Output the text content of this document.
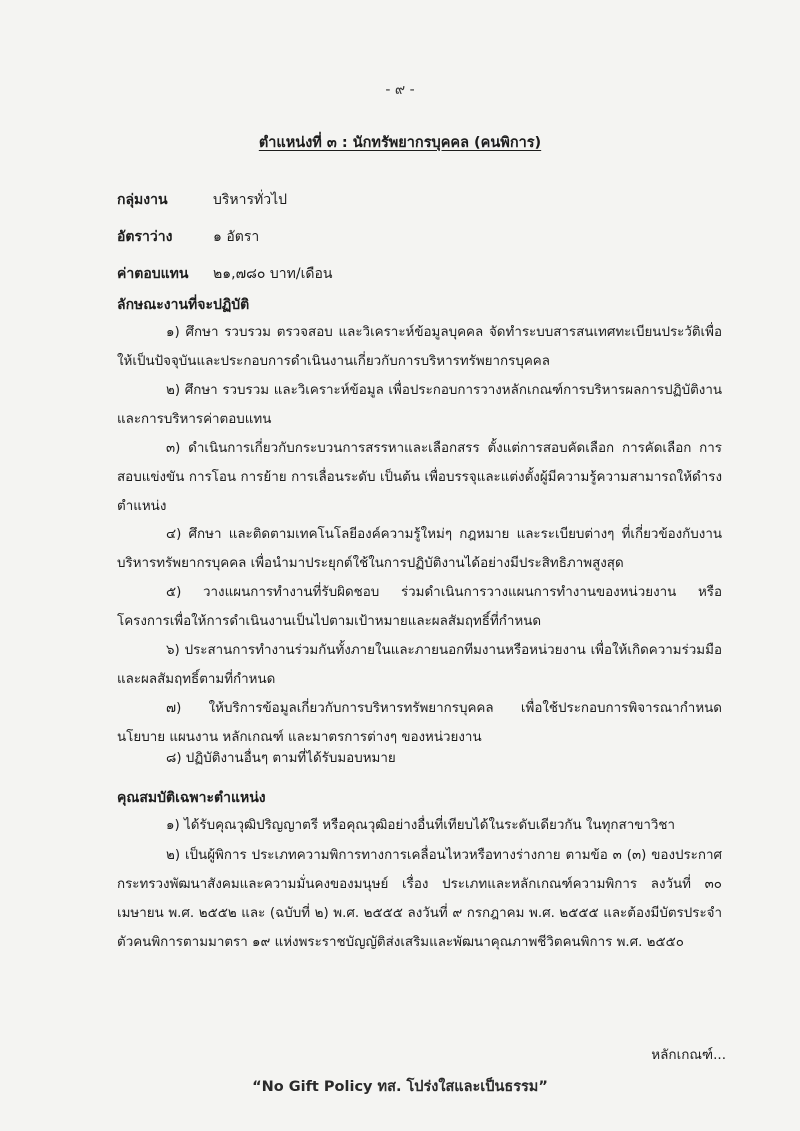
- ๙ -
ตำแหน่งที่ ๓ : นักทรัพยากรบุคคล (คนพิการ)
กลุ่มงาน	บริหารทั่วไป
อัตราว่าง	๑ อัตรา
ค่าตอบแทน	๒๑,๗๘๐ บาท/เดือน
ลักษณะงานที่จะปฏิบัติ
๑) ศึกษา รวบรวม ตรวจสอบ และวิเคราะห์ข้อมูลบุคคล จัดทำระบบสารสนเทศทะเบียนประวัติเพื่อให้เป็นปัจจุบันและประกอบการดำเนินงานเกี่ยวกับการบริหารทรัพยากรบุคคล
๒) ศึกษา รวบรวม และวิเคราะห์ข้อมูล เพื่อประกอบการวางหลักเกณฑ์การบริหารผลการปฏิบัติงานและการบริหารค่าตอบแทน
๓) ดำเนินการเกี่ยวกับกระบวนการสรรหาและเลือกสรร ตั้งแต่การสอบคัดเลือก การคัดเลือก การสอบแข่งขัน การโอน การย้าย การเลื่อนระดับ เป็นต้น เพื่อบรรจุและแต่งตั้งผู้มีความรู้ความสามารถให้ดำรงตำแหน่ง
๔) ศึกษา และติดตามเทคโนโลยีองค์ความรู้ใหม่ๆ กฎหมาย และระเบียบต่างๆ ที่เกี่ยวข้องกับงานบริหารทรัพยากรบุคคล เพื่อนำมาประยุกต์ใช้ในการปฏิบัติงานได้อย่างมีประสิทธิภาพสูงสุด
๕) วางแผนการทำงานที่รับผิดชอบ ร่วมดำเนินการวางแผนการทำงานของหน่วยงาน หรือโครงการเพื่อให้การดำเนินงานเป็นไปตามเป้าหมายและผลสัมฤทธิ์ที่กำหนด
๖) ประสานการทำงานร่วมกันทั้งภายในและภายนอกทีมงานหรือหน่วยงาน เพื่อให้เกิดความร่วมมือและผลสัมฤทธิ์ตามที่กำหนด
๗) ให้บริการข้อมูลเกี่ยวกับการบริหารทรัพยากรบุคคล เพื่อใช้ประกอบการพิจารณากำหนดนโยบาย แผนงาน หลักเกณฑ์ และมาตรการต่างๆ ของหน่วยงาน
๘) ปฏิบัติงานอื่นๆ ตามที่ได้รับมอบหมาย
คุณสมบัติเฉพาะตำแหน่ง
๑) ได้รับคุณวุฒิปริญญาตรี หรือคุณวุฒิอย่างอื่นที่เทียบได้ในระดับเดียวกัน ในทุกสาขาวิชา
๒) เป็นผู้พิการ ประเภทความพิการทางการเคลื่อนไหวหรือทางร่างกาย ตามข้อ ๓ (๓) ของประกาศกระทรวงพัฒนาสังคมและความมั่นคงของมนุษย์ เรื่อง ประเภทและหลักเกณฑ์ความพิการ ลงวันที่ ๓๐ เมษายน พ.ศ. ๒๕๕๒ และ (ฉบับที่ ๒) พ.ศ. ๒๕๕๕ ลงวันที่ ๙ กรกฎาคม พ.ศ. ๒๕๕๕ และต้องมีบัตรประจำตัวคนพิการตามมาตรา ๑๙ แห่งพระราชบัญญัติส่งเสริมและพัฒนาคุณภาพชีวิตคนพิการ พ.ศ. ๒๕๕๐
หลักเกณฑ์...
“No Gift Policy ทส. โปร่งใสและเป็นธรรม”
